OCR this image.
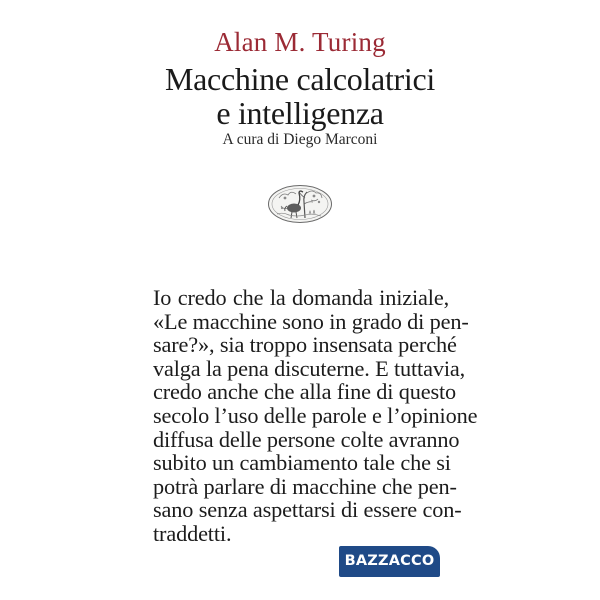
Alan M. Turing
Macchine calcolatrici
e intelligenza
A cura di Diego Marconi
Io credo che la domanda iniziale,
«Le macchine sono in grado di pen-
sare?», sia troppo insensata perché
valga la pena discuterne. E tuttavia,
credo anche che alla fine di questo
secolo l’uso delle parole e l’opinione
diffusa delle persone colte avranno
subito un cambiamento tale che si
potrà parlare di macchine che pen-
sano senza aspettarsi di essere con-
traddetti.
BAZZACCO
